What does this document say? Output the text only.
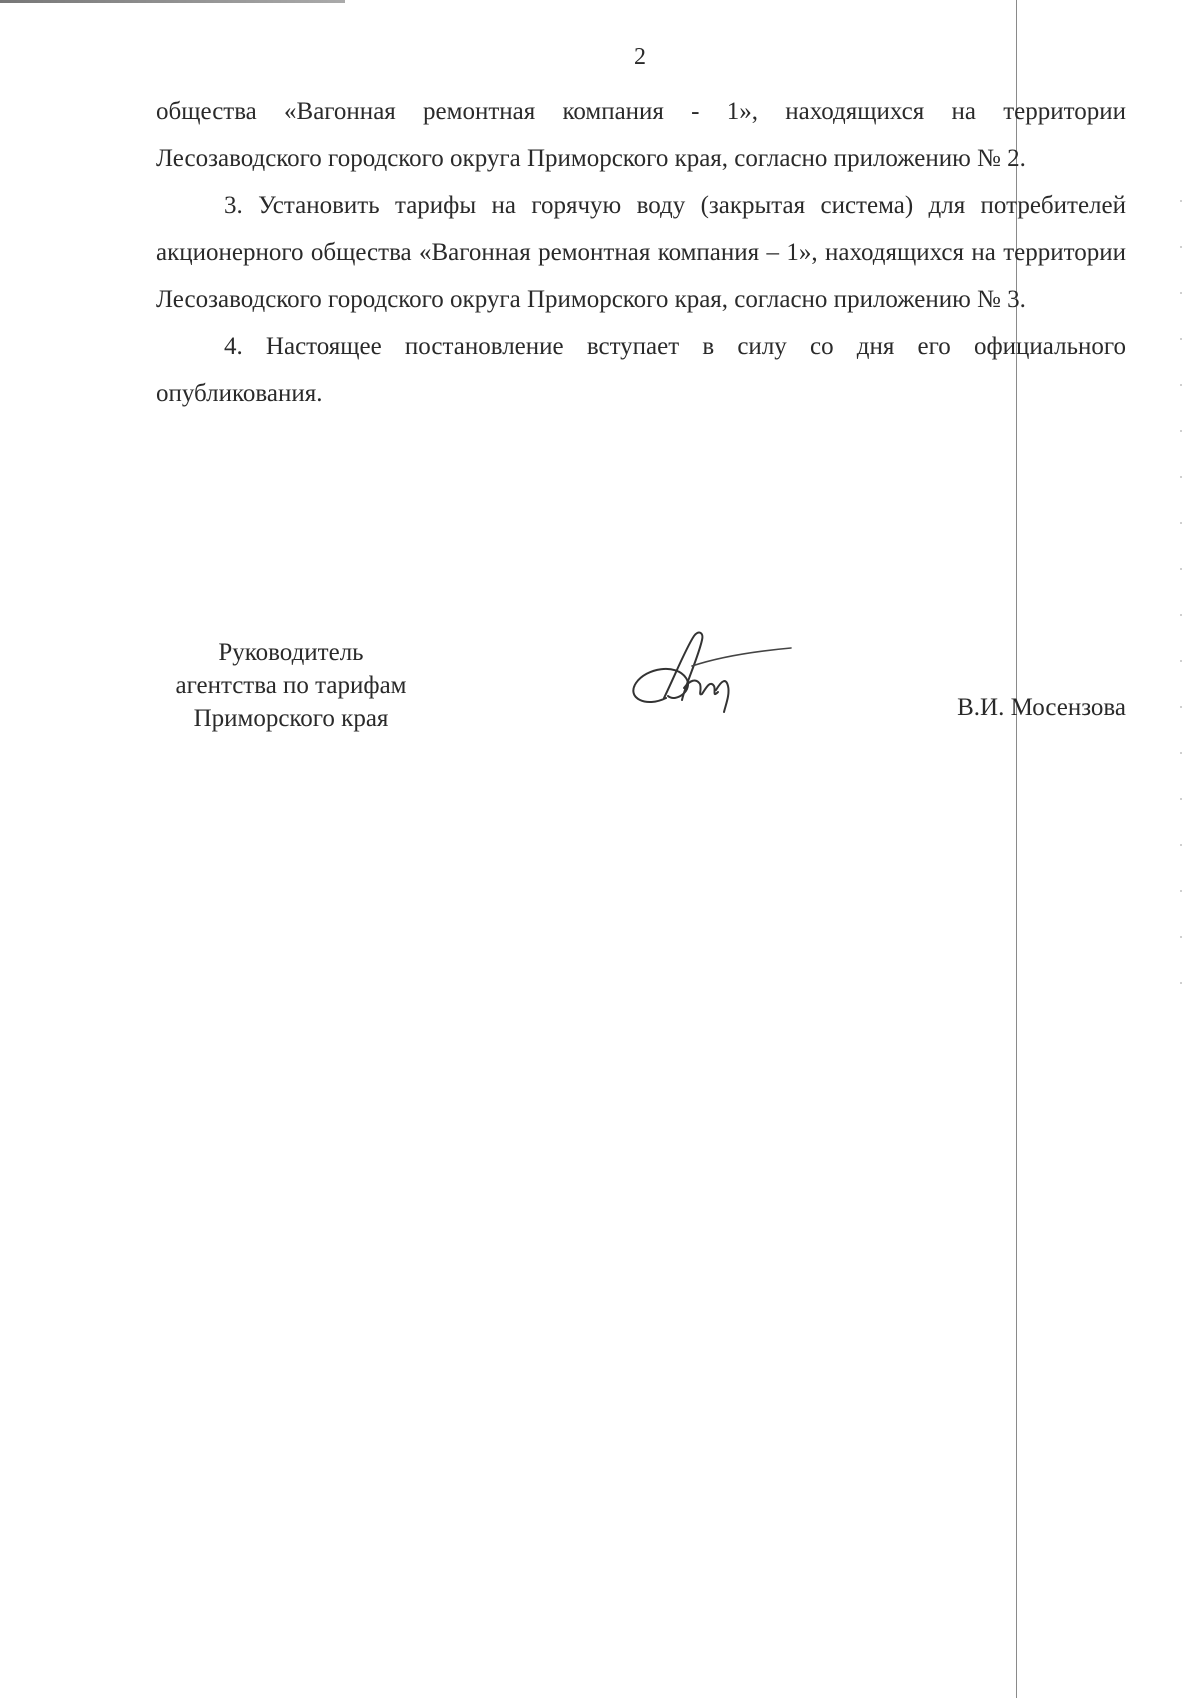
2

общества «Вагонная ремонтная компания - 1», находящихся на территории Лесозаводского городского округа Приморского края, согласно приложению № 2.

3. Установить тарифы на горячую воду (закрытая система) для потребителей акционерного общества «Вагонная ремонтная компания – 1», находящихся на территории Лесозаводского городского округа Приморского края, согласно приложению № 3.

4. Настоящее постановление вступает в силу со дня его официального опубликования.

Руководитель
агентства по тарифам
Приморского края	В.И. Мосензова
